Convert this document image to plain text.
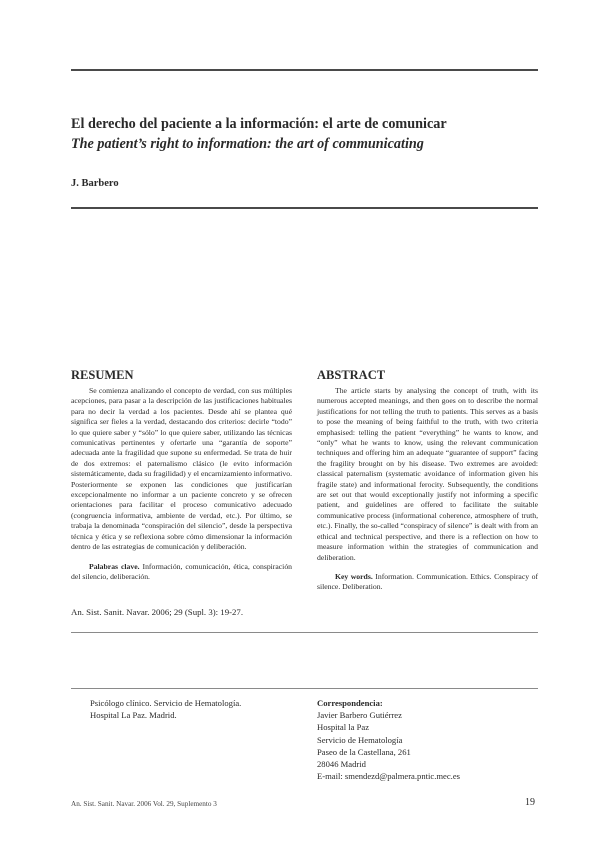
El derecho del paciente a la información: el arte de comunicar
The patient’s right to information: the art of communicating
J. Barbero
RESUMEN

Se comienza analizando el concepto de verdad, con sus múltiples acepciones, para pasar a la descripción de las justificaciones habituales para no decir la verdad a los pacientes. Desde ahí se plantea qué significa ser fieles a la verdad, destacando dos criterios: decirle “todo” lo que quiere saber y “sólo” lo que quiere saber, utilizando las técnicas comunicativas pertinentes y ofertarle una “garantía de soporte” adecuada ante la fragilidad que supone su enfermedad. Se trata de huir de dos extremos: el paternalismo clásico (le evito información sistemáticamente, dada su fragilidad) y el encarnizamiento informativo. Posteriormente se exponen las condiciones que justificarían excepcionalmente no informar a un paciente concreto y se ofrecen orientaciones para facilitar el proceso comunicativo adecuado (congruencia informativa, ambiente de verdad, etc.). Por último, se trabaja la denominada “conspiración del silencio”, desde la perspectiva técnica y ética y se reflexiona sobre cómo dimensionar la información dentro de las estrategias de comunicación y deliberación.

Palabras clave. Información, comunicación, ética, conspiración del silencio, deliberación.

ABSTRACT

The article starts by analysing the concept of truth, with its numerous accepted meanings, and then goes on to describe the normal justifications for not telling the truth to patients. This serves as a basis to pose the meaning of being faithful to the truth, with two criteria emphasised: telling the patient “everything” he wants to know, and “only” what he wants to know, using the relevant communication techniques and offering him an adequate “guarantee of support” facing the fragility brought on by his disease. Two extremes are avoided: classical paternalism (systematic avoidance of information given his fragile state) and informational ferocity. Subsequently, the conditions are set out that would exceptionally justify not informing a specific patient, and guidelines are offered to facilitate the suitable communicative process (informational coherence, atmosphere of truth, etc.). Finally, the so-called “conspiracy of silence” is dealt with from an ethical and technical perspective, and there is a reflection on how to measure information within the strategies of communication and deliberation.

Key words. Information. Communication. Ethics. Conspiracy of silence. Deliberation.

An. Sist. Sanit. Navar. 2006; 29 (Supl. 3): 19-27.
Psicólogo clínico. Servicio de Hematología.
Hospital La Paz. Madrid.
Correspondencia:
Javier Barbero Gutiérrez
Hospital la Paz
Servicio de Hematología
Paseo de la Castellana, 261
28046 Madrid
E-mail: smendezd@palmera.pntic.mec.es
An. Sist. Sanit. Navar. 2006 Vol. 29, Suplemento 3	19
